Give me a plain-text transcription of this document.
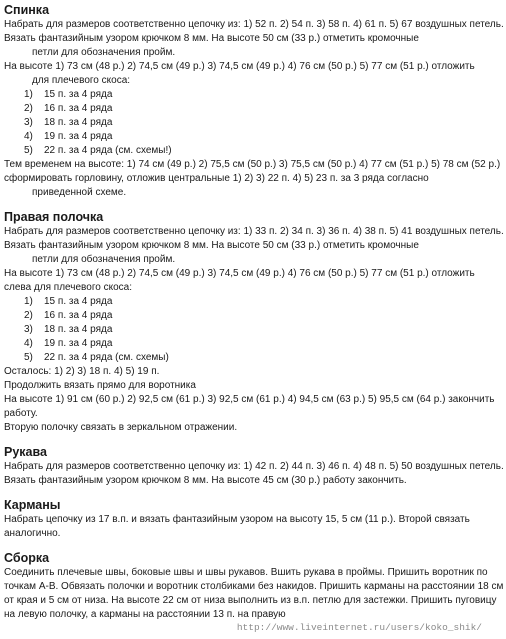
Спинка
Набрать для размеров соответственно цепочку из: 1) 52 п. 2) 54 п. 3) 58 п. 4) 61 п. 5) 67 воздушных петель. Вязать фантазийным узором крючком 8 мм. На высоте 50 см (33 р.) отметить кромочные
петли для обозначения пройм.
На высоте 1) 73 см (48 р.) 2) 74,5 см (49 р.) 3) 74,5 см (49 р.) 4) 76 см (50 р.) 5) 77 см (51 р.) отложить
для плечевого скоса:
1) 15 п. за 4 ряда
2) 16 п. за 4 ряда
3) 18 п. за 4 ряда
4) 19 п. за 4 ряда
5) 22 п. за 4 ряда (см. схемы!)
Тем временем на высоте: 1) 74 см (49 р.) 2) 75,5 см (50 р.) 3) 75,5 см (50 р.) 4) 77 см (51 р.) 5) 78 см (52 р.) сформировать горловину, отложив центральные 1) 2) 3) 22 п. 4) 5) 23 п. за 3 ряда согласно
приведенной схеме.
Правая полочка
Набрать для размеров соответственно цепочку из: 1) 33 п. 2) 34 п. 3) 36 п. 4) 38 п. 5) 41 воздушных петель. Вязать фантазийным узором крючком 8 мм. На высоте 50 см (33 р.) отметить кромочные
петли для обозначения пройм.
На высоте 1) 73 см (48 р.) 2) 74,5 см (49 р.) 3) 74,5 см (49 р.) 4) 76 см (50 р.) 5) 77 см (51 р.) отложить слева для плечевого скоса:
1) 15 п. за 4 ряда
2) 16 п. за 4 ряда
3) 18 п. за 4 ряда
4) 19 п. за 4 ряда
5) 22 п. за 4 ряда (см. схемы)
Осталось: 1) 2) 3) 18 п. 4) 5) 19 п.
Продолжить вязать прямо для воротника
На высоте 1) 91 см (60 р.) 2) 92,5 см (61 р.) 3) 92,5 см (61 р.) 4) 94,5 см (63 р.) 5) 95,5 см (64 р.) закончить работу.
Вторую полочку связать в зеркальном отражении.
Рукава
Набрать для размеров соответственно цепочку из: 1) 42 п. 2) 44 п. 3) 46 п. 4) 48 п. 5) 50 воздушных петель. Вязать фантазийным узором крючком 8 мм. На высоте 45 см (30 р.) работу закончить.
Карманы
Набрать цепочку из 17 в.п. и вязать фантазийным узором на высоту 15, 5 см (11 р.). Второй связать аналогично.
Сборка
Соединить плечевые швы, боковые швы и швы рукавов. Вшить рукава в проймы. Пришить воротник по точкам А-В. Обвязать полочки и воротник столбиками без накидов. Пришить карманы на расстоянии 18 см от края и 5 см от низа. На высоте 22 см от низа выполнить из в.п. петлю для застежки. Пришить пуговицу на левую полочку, а карманы на расстоянии 13 п. на правую
http://www.liveinternet.ru/users/koko_shik/
